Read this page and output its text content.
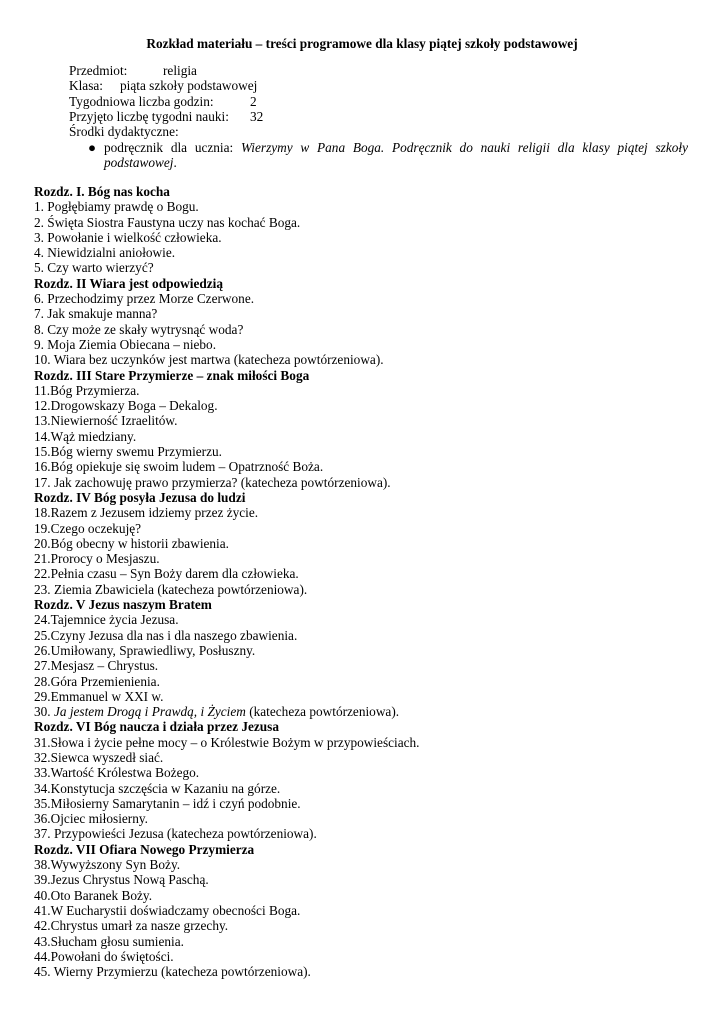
Rozkład materiału – treści programowe dla klasy piątej szkoły podstawowej
Przedmiot:	religia
Klasa: piąta szkoły podstawowej
Tygodniowa liczba godzin:	2
Przyjęto liczbę tygodni nauki: 32
Środki dydaktyczne:
● podręcznik dla ucznia: Wierzymy w Pana Boga. Podręcznik do nauki religii dla klasy piątej szkoły podstawowej.
Rozdz. I. Bóg nas kocha
1. Pogłębiamy prawdę o Bogu.
2. Święta Siostra Faustyna uczy nas kochać Boga.
3. Powołanie i wielkość człowieka.
4. Niewidzialni aniołowie.
5. Czy warto wierzyć?
Rozdz. II Wiara jest odpowiedzią
6. Przechodzimy przez Morze Czerwone.
7. Jak smakuje manna?
8. Czy może ze skały wytrysnąć woda?
9. Moja Ziemia Obiecana – niebo.
10. Wiara bez uczynków jest martwa (katecheza powtórzeniowa).
Rozdz. III Stare Przymierze – znak miłości Boga
11.Bóg Przymierza.
12.Drogowskazy Boga – Dekalog.
13.Niewierność Izraelitów.
14.Wąż miedziany.
15.Bóg wierny swemu Przymierzu.
16.Bóg opiekuje się swoim ludem – Opatrzność Boża.
17. Jak zachowuję prawo przymierza? (katecheza powtórzeniowa).
Rozdz. IV Bóg posyła Jezusa do ludzi
18.Razem z Jezusem idziemy przez życie.
19.Czego oczekuję?
20.Bóg obecny w historii zbawienia.
21.Prorocy o Mesjaszu.
22.Pełnia czasu – Syn Boży darem dla człowieka.
23. Ziemia Zbawiciela (katecheza powtórzeniowa).
Rozdz. V Jezus naszym Bratem
24.Tajemnice życia Jezusa.
25.Czyny Jezusa dla nas i dla naszego zbawienia.
26.Umiłowany, Sprawiedliwy, Posłuszny.
27.Mesjasz – Chrystus.
28.Góra Przemienienia.
29.Emmanuel w XXI w.
30. Ja jestem Drogą i Prawdą, i Życiem (katecheza powtórzeniowa).
Rozdz. VI Bóg naucza i działa przez Jezusa
31.Słowa i życie pełne mocy – o Królestwie Bożym w przypowieściach.
32.Siewca wyszedł siać.
33.Wartość Królestwa Bożego.
34.Konstytucja szczęścia w Kazaniu na górze.
35.Miłosierny Samarytanin – idź i czyń podobnie.
36.Ojciec miłosierny.
37. Przypowieści Jezusa (katecheza powtórzeniowa).
Rozdz. VII Ofiara Nowego Przymierza
38.Wywyższony Syn Boży.
39.Jezus Chrystus Nową Paschą.
40.Oto Baranek Boży.
41.W Eucharystii doświadczamy obecności Boga.
42.Chrystus umarł za nasze grzechy.
43.Słucham głosu sumienia.
44.Powołani do świętości.
45. Wierny Przymierzu (katecheza powtórzeniowa).
